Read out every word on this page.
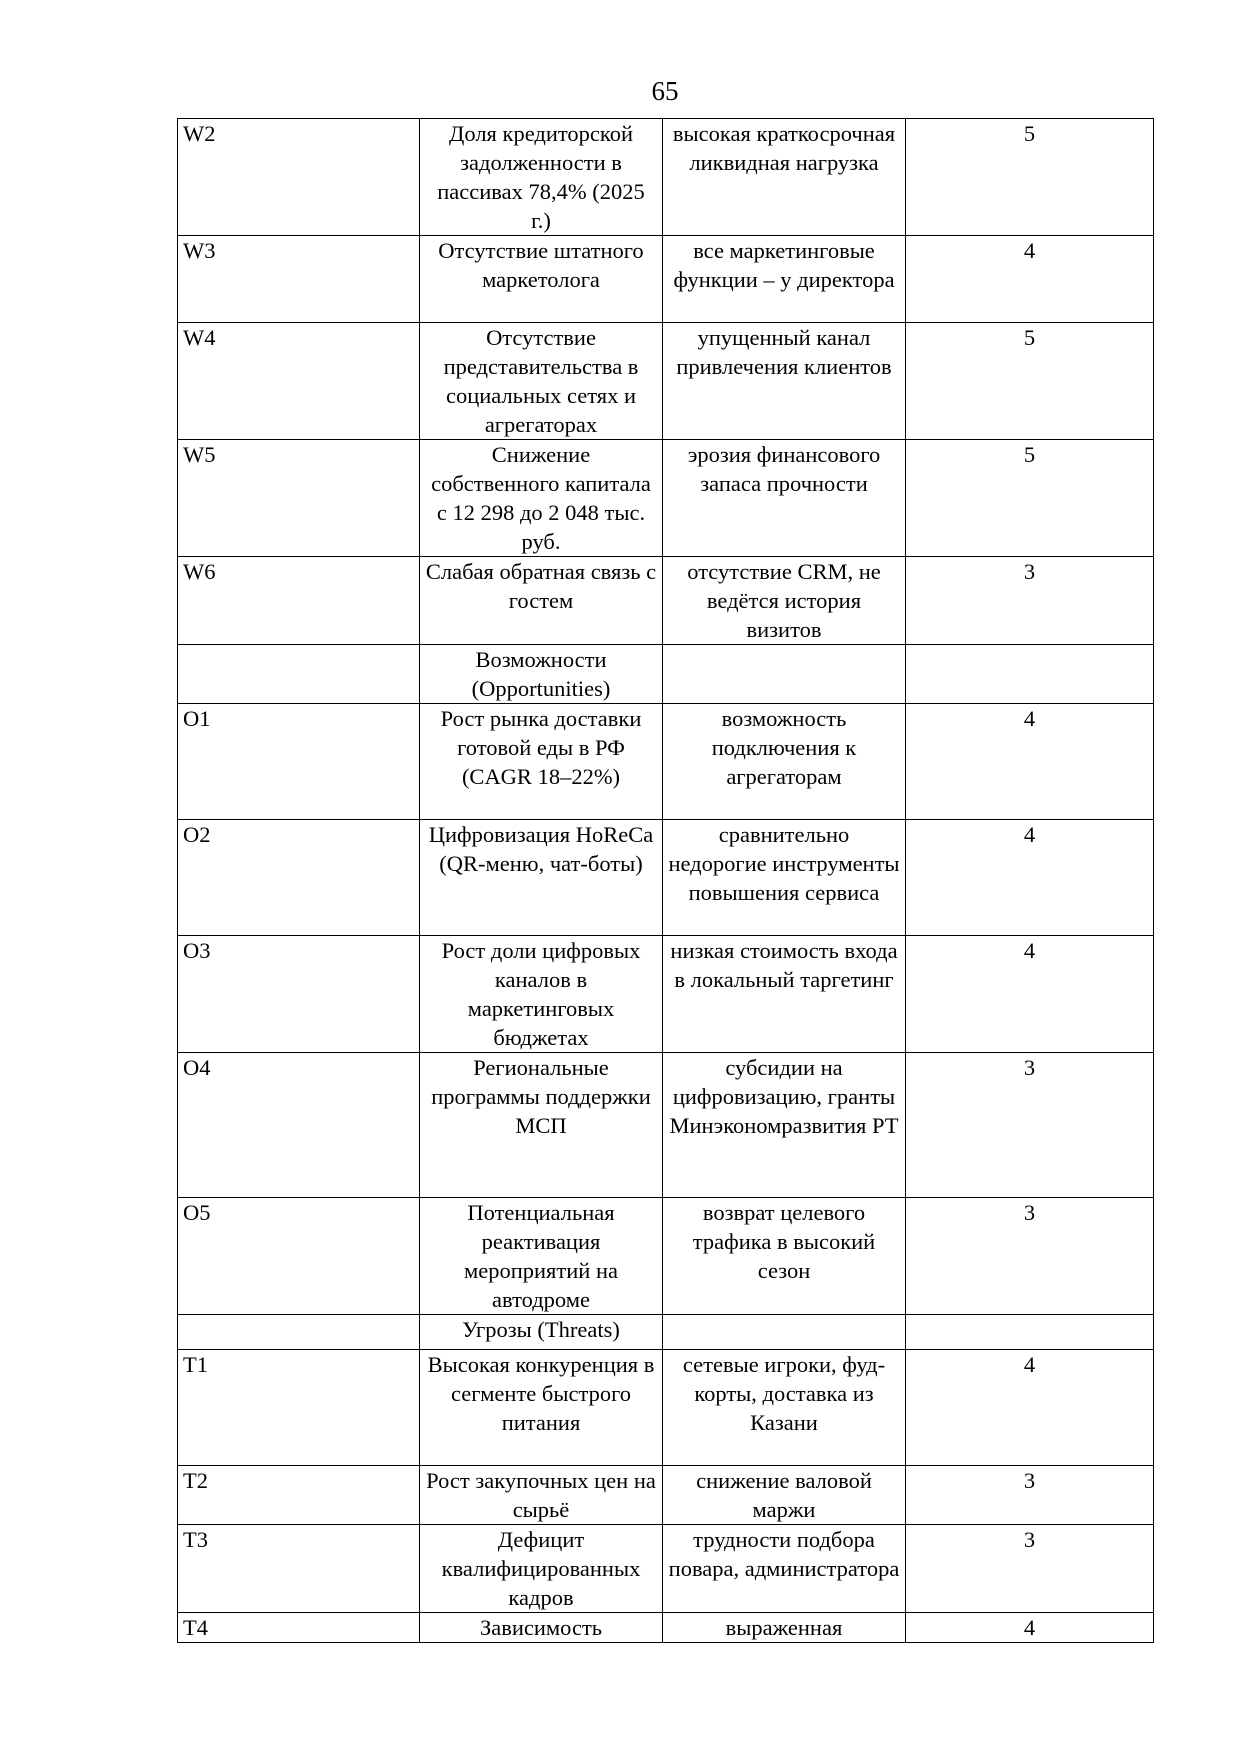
65
W2	Доля кредиторской задолженности в пассивах 78,4% (2025 г.)	высокая краткосрочная ликвидная нагрузка	5
W3	Отсутствие штатного маркетолога	все маркетинговые функции – у директора	4
W4	Отсутствие представительства в социальных сетях и агрегаторах	упущенный канал привлечения клиентов	5
W5	Снижение собственного капитала с 12 298 до 2 048 тыс. руб.	эрозия финансового запаса прочности	5
W6	Слабая обратная связь с гостем	отсутствие CRM, не ведётся история визитов	3
	Возможности (Opportunities)		
O1	Рост рынка доставки готовой еды в РФ (CAGR 18–22%)	возможность подключения к агрегаторам	4
O2	Цифровизация HoReCa (QR-меню, чат-боты)	сравнительно недорогие инструменты повышения сервиса	4
O3	Рост доли цифровых каналов в маркетинговых бюджетах	низкая стоимость входа в локальный таргетинг	4
O4	Региональные программы поддержки МСП	субсидии на цифровизацию, гранты Минэкономразвития РТ	3
O5	Потенциальная реактивация мероприятий на автодроме	возврат целевого трафика в высокий сезон	3
	Угрозы (Threats)		
T1	Высокая конкуренция в сегменте быстрого питания	сетевые игроки, фуд-корты, доставка из Казани	4
T2	Рост закупочных цен на сырьё	снижение валовой маржи	3
T3	Дефицит квалифицированных кадров	трудности подбора повара, администратора	3
T4	Зависимость	выраженная	4
